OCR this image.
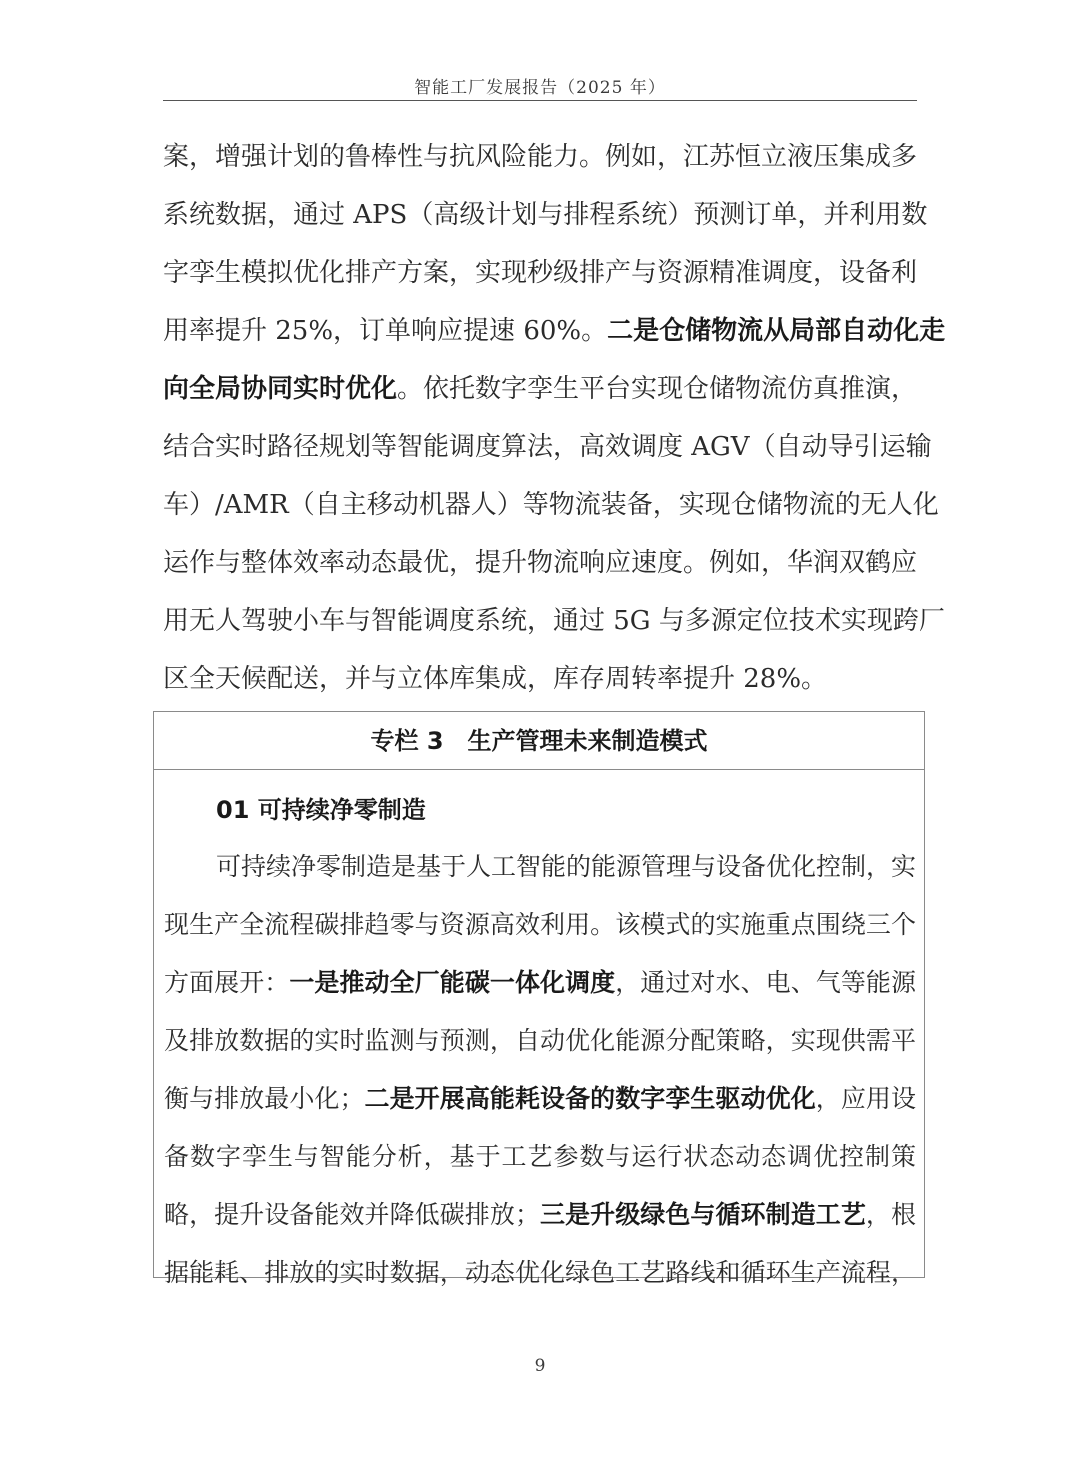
智能工厂发展报告（2025 年）
案，增强计划的鲁棒性与抗风险能力。例如，江苏恒立液压集成多
系统数据，通过 APS（高级计划与排程系统）预测订单，并利用数
字孪生模拟优化排产方案，实现秒级排产与资源精准调度，设备利
用率提升 25%，订单响应提速 60%。二是仓储物流从局部自动化走
向全局协同实时优化。依托数字孪生平台实现仓储物流仿真推演，
结合实时路径规划等智能调度算法，高效调度 AGV（自动导引运输
车）/AMR（自主移动机器人）等物流装备，实现仓储物流的无人化
运作与整体效率动态最优，提升物流响应速度。例如，华润双鹤应
用无人驾驶小车与智能调度系统，通过 5G 与多源定位技术实现跨厂
区全天候配送，并与立体库集成，库存周转率提升 28%。
专栏 3 生产管理未来制造模式
01 可持续净零制造
可持续净零制造是基于人工智能的能源管理与设备优化控制，实
现生产全流程碳排趋零与资源高效利用。该模式的实施重点围绕三个
方面展开：一是推动全厂能碳一体化调度，通过对水、电、气等能源
及排放数据的实时监测与预测，自动优化能源分配策略，实现供需平
衡与排放最小化；二是开展高能耗设备的数字孪生驱动优化，应用设
备数字孪生与智能分析，基于工艺参数与运行状态动态调优控制策
略，提升设备能效并降低碳排放；三是升级绿色与循环制造工艺，根
据能耗、排放的实时数据，动态优化绿色工艺路线和循环生产流程，
9
